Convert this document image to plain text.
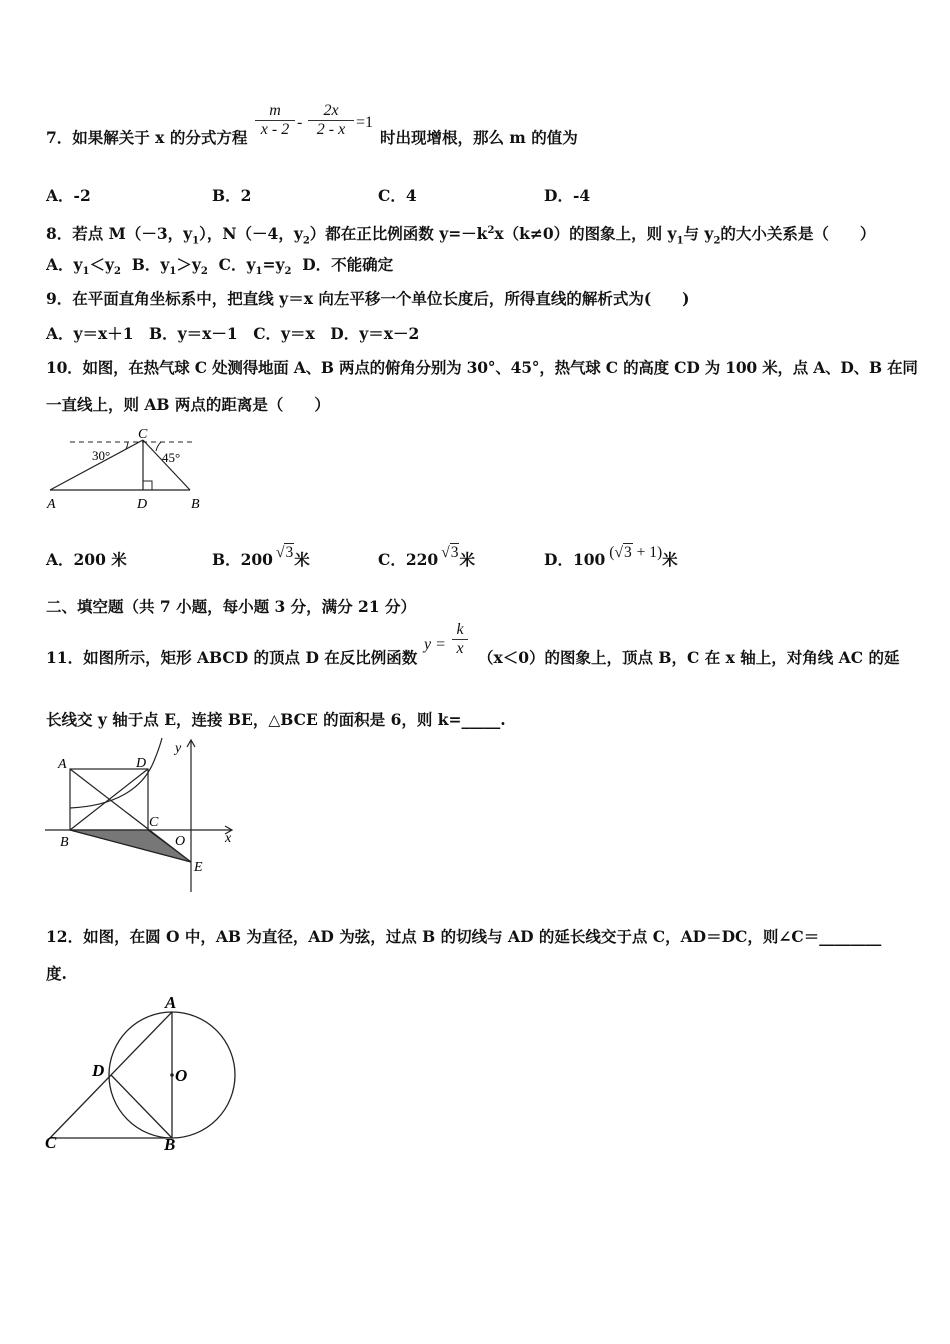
7．如果解关于 x 的分式方程
m
x - 2 -
2x
2 - x =1
时出现增根，那么 m 的值为
A．-2	B．2	C．4	D．-4
8．若点 M（－3，$y_1$），N（－4，$y_2$）都在正比例函数 $y=-k^2x(k\ne 0)$的图象上，则 $y_1$与 $y_2$的大小关系是（　　）
A．$y_1<y_2$ B．$y_1>y_2$ C．$y_1=y_2$ D．不能确定
9．在平面直角坐标系中，把直线 y＝x 向左平移一个单位长度后，所得直线的解析式为(　　)
A．y＝x＋1　B．y＝x－1　C．y＝x　D．y＝x－2
10．如图，在热气球 C 处测得地面 A、B 两点的俯角分别为 30°、45°，热气球 C 的高度 CD 为 100 米，点 A、D、B 在同
一直线上，则 AB 两点的距离是（　　）
C
A	D	B
30°	45°
A．200 米	B．200 √3米	C．220 √3米	D．100 (√3 + 1)米
二、填空题（共 7 小题，每小题 3 分，满分 21 分）
11．如图所示，矩形 ABCD 的顶点 D 在反比例函数
y =
k
x （x＜0）的图象上，顶点 B，C 在 x 轴上，对角线 AC 的延
长线交 y 轴于点 E，连接 BE，△BCE 的面积是 6，则 k=_____.
A	D
B
C
O
E
x
y
12．如图，在圆 O 中，AB 为直径，AD 为弦，过点 B 的切线与 AD 的延长线交于点 C，AD＝DC，则∠C＝________
度.
A
D	O
C	B
